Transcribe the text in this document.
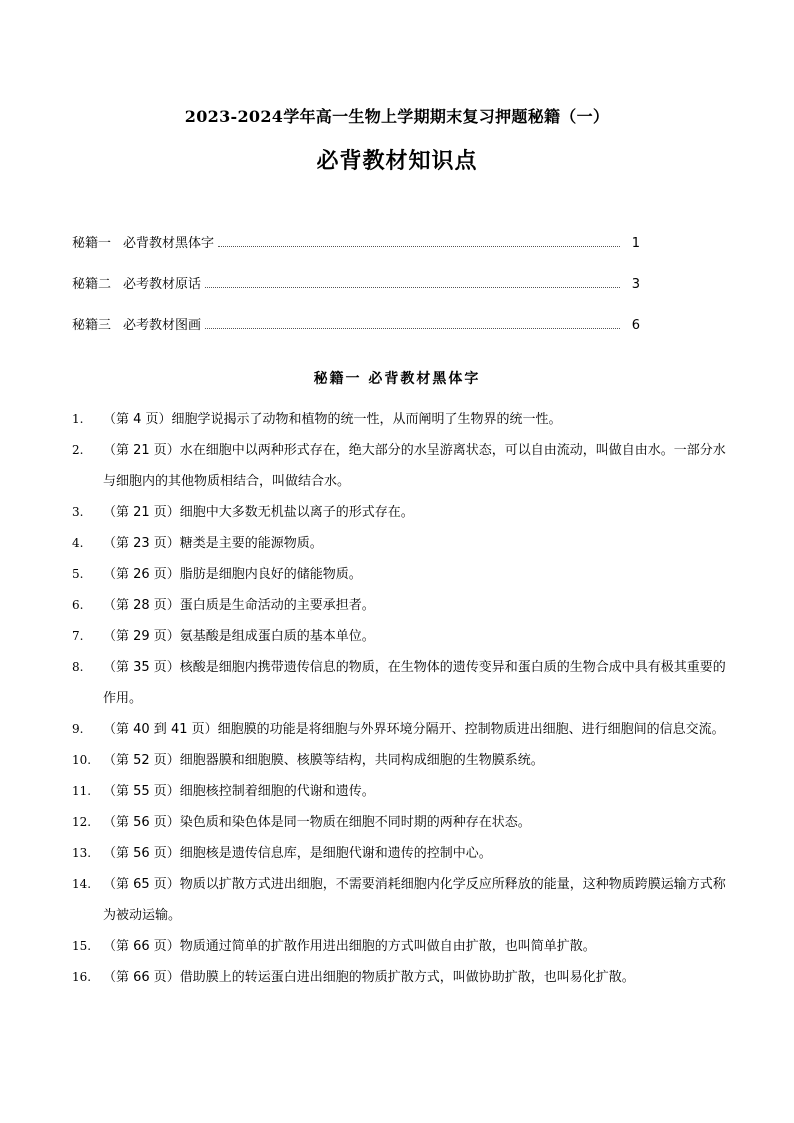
2023-2024学年高一生物上学期期末复习押题秘籍（一）
必背教材知识点
秘籍一 必背教材黑体字	1
秘籍二 必考教材原话	3
秘籍三 必考教材图画	6
秘籍一 必背教材黑体字
1.	（第 4 页）细胞学说揭示了动物和植物的统一性，从而阐明了生物界的统一性。
2.	（第 21 页）水在细胞中以两种形式存在，绝大部分的水呈游离状态，可以自由流动，叫做自由水。一部分水与细胞内的其他物质相结合，叫做结合水。
3.	（第 21 页）细胞中大多数无机盐以离子的形式存在。
4.	（第 23 页）糖类是主要的能源物质。
5.	（第 26 页）脂肪是细胞内良好的储能物质。
6.	（第 28 页）蛋白质是生命活动的主要承担者。
7.	（第 29 页）氨基酸是组成蛋白质的基本单位。
8.	（第 35 页）核酸是细胞内携带遗传信息的物质，在生物体的遗传变异和蛋白质的生物合成中具有极其重要的作用。
9.	（第 40 到 41 页）细胞膜的功能是将细胞与外界环境分隔开、控制物质进出细胞、进行细胞间的信息交流。
10. （第 52 页）细胞器膜和细胞膜、核膜等结构，共同构成细胞的生物膜系统。
11. （第 55 页）细胞核控制着细胞的代谢和遗传。
12. （第 56 页）染色质和染色体是同一物质在细胞不同时期的两种存在状态。
13. （第 56 页）细胞核是遗传信息库，是细胞代谢和遗传的控制中心。
14. （第 65 页）物质以扩散方式进出细胞，不需要消耗细胞内化学反应所释放的能量，这种物质跨膜运输方式称为被动运输。
15. （第 66 页）物质通过简单的扩散作用进出细胞的方式叫做自由扩散，也叫简单扩散。
16. （第 66 页）借助膜上的转运蛋白进出细胞的物质扩散方式，叫做协助扩散，也叫易化扩散。
